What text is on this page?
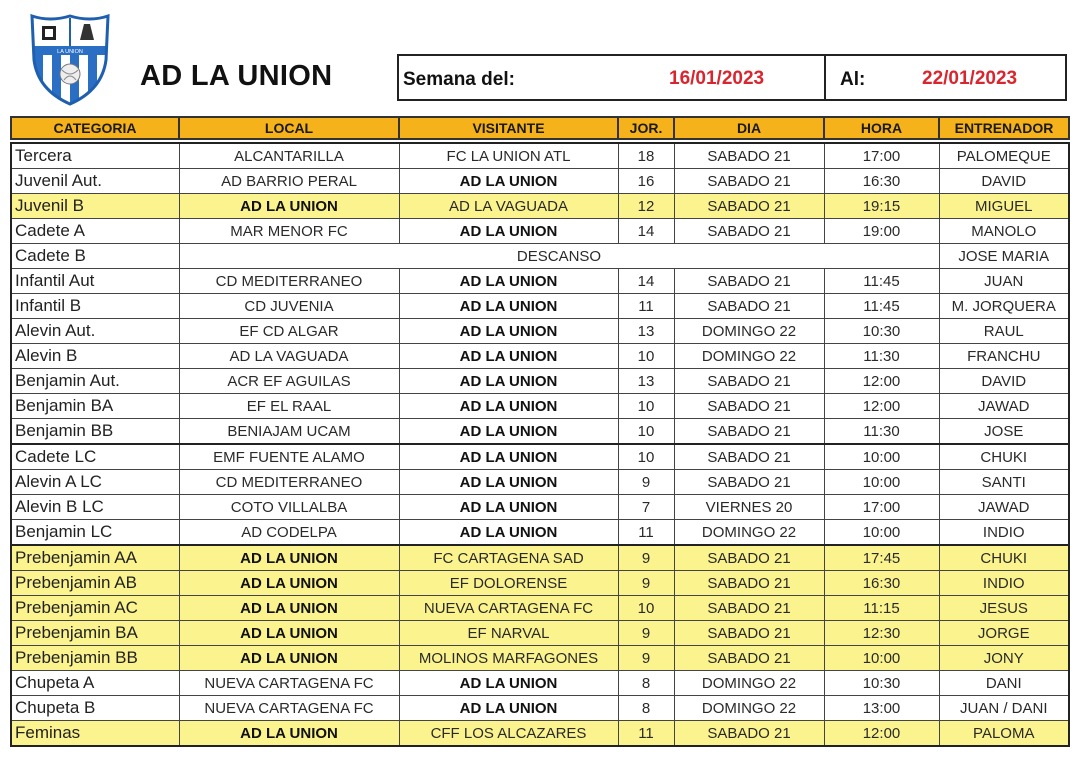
LA UNION
AD LA UNION	Semana del:	16/01/2023	Al:	22/01/2023
CATEGORIA	LOCAL	VISITANTE	JOR.	DIA	HORA	ENTRENADOR

Tercera	ALCANTARILLA	FC LA UNION ATL	18	SABADO 21	17:00	PALOMEQUE
Juvenil Aut.	AD BARRIO PERAL	AD LA UNION	16	SABADO 21	16:30	DAVID
Juvenil B	AD LA UNION	AD LA VAGUADA	12	SABADO 21	19:15	MIGUEL
Cadete A	MAR MENOR FC	AD LA UNION	14	SABADO 21	19:00	MANOLO
Cadete B	DESCANSO					JOSE MARIA
Infantil Aut	CD MEDITERRANEO	AD LA UNION	14	SABADO 21	11:45	JUAN
Infantil B	CD JUVENIA	AD LA UNION	11	SABADO 21	11:45	M. JORQUERA
Alevin Aut.	EF CD ALGAR	AD LA UNION	13	DOMINGO 22	10:30	RAUL
Alevin B	AD LA VAGUADA	AD LA UNION	10	DOMINGO 22	11:30	FRANCHU
Benjamin Aut.	ACR EF AGUILAS	AD LA UNION	13	SABADO 21	12:00	DAVID
Benjamin BA	EF EL RAAL	AD LA UNION	10	SABADO 21	12:00	JAWAD
Benjamin BB	BENIAJAM UCAM	AD LA UNION	10	SABADO 21	11:30	JOSE
Cadete LC	EMF FUENTE ALAMO	AD LA UNION	10	SABADO 21	10:00	CHUKI
Alevin A LC	CD MEDITERRANEO	AD LA UNION	9	SABADO 21	10:00	SANTI
Alevin B LC	COTO VILLALBA	AD LA UNION	7	VIERNES 20	17:00	JAWAD
Benjamin LC	AD CODELPA	AD LA UNION	11	DOMINGO 22	10:00	INDIO
Prebenjamin AA	AD LA UNION	FC CARTAGENA SAD	9	SABADO 21	17:45	CHUKI
Prebenjamin AB	AD LA UNION	EF DOLORENSE	9	SABADO 21	16:30	INDIO
Prebenjamin AC	AD LA UNION	NUEVA CARTAGENA FC	10	SABADO 21	11:15	JESUS
Prebenjamin BA	AD LA UNION	EF NARVAL	9	SABADO 21	12:30	JORGE
Prebenjamin BB	AD LA UNION	MOLINOS MARFAGONES	9	SABADO 21	10:00	JONY
Chupeta A	NUEVA CARTAGENA FC	AD LA UNION	8	DOMINGO 22	10:30	DANI
Chupeta B	NUEVA CARTAGENA FC	AD LA UNION	8	DOMINGO 22	13:00	JUAN / DANI
Feminas	AD LA UNION	CFF LOS ALCAZARES	11	SABADO 21	12:00	PALOMA
